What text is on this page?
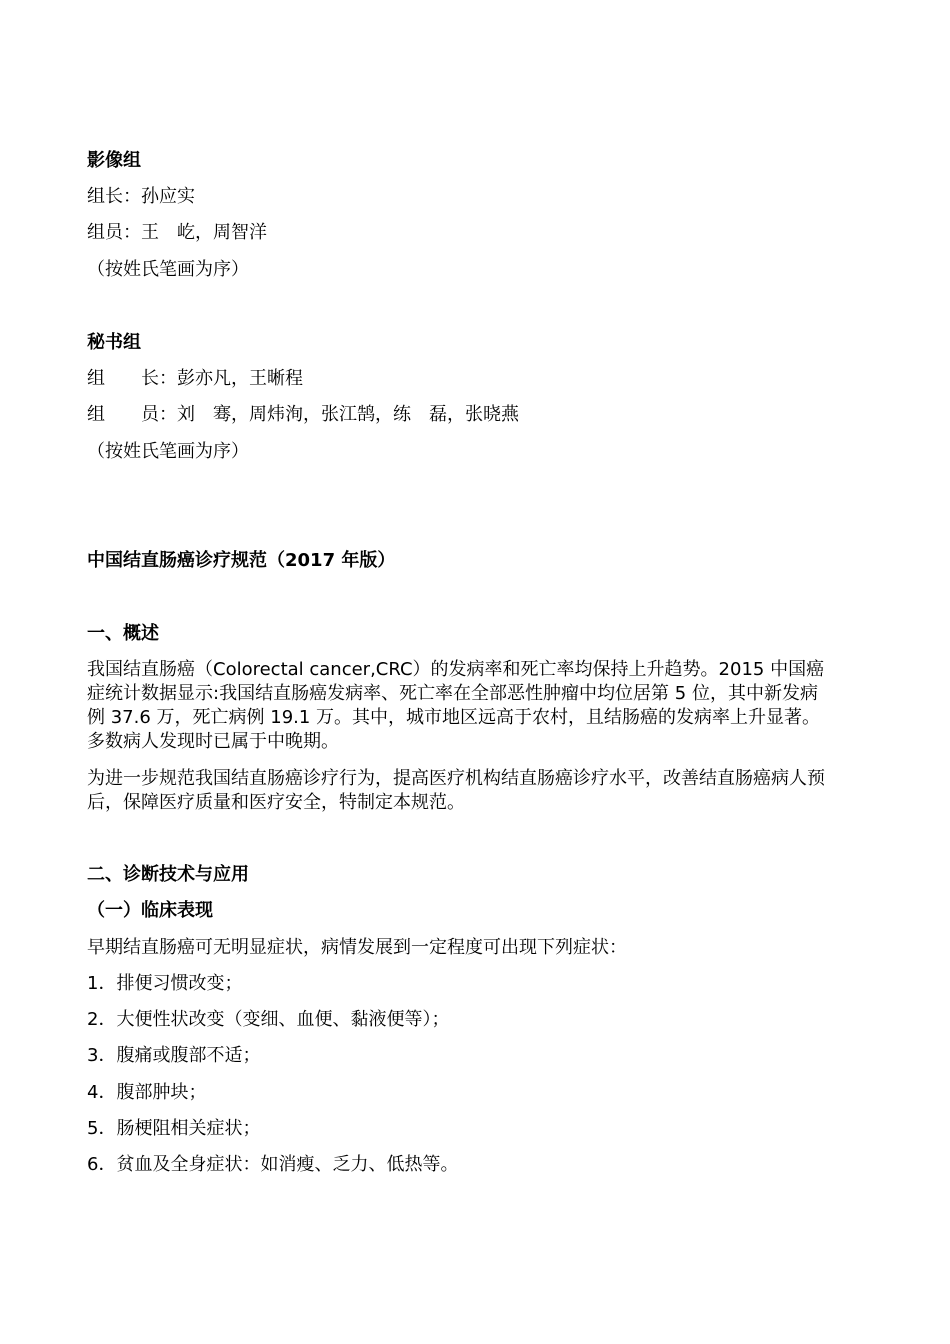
影像组
组长：孙应实
组员：王　屹，周智洋
（按姓氏笔画为序）
秘书组
组　　长：彭亦凡，王晰程
组　　员：刘　骞，周炜洵，张江鹄，练　磊，张晓燕
（按姓氏笔画为序）
中国结直肠癌诊疗规范（2017 年版）
一、概述
我国结直肠癌（Colorectal cancer,CRC）的发病率和死亡率均保持上升趋势。2015 中国癌
症统计数据显示:我国结直肠癌发病率、死亡率在全部恶性肿瘤中均位居第 5 位，其中新发病
例 37.6 万，死亡病例 19.1 万。其中，城市地区远高于农村，且结肠癌的发病率上升显著。
多数病人发现时已属于中晚期。
为进一步规范我国结直肠癌诊疗行为，提高医疗机构结直肠癌诊疗水平，改善结直肠癌病人预
后，保障医疗质量和医疗安全，特制定本规范。
二、诊断技术与应用
（一）临床表现
早期结直肠癌可无明显症状，病情发展到一定程度可出现下列症状：
1．排便习惯改变；
2．大便性状改变（变细、血便、黏液便等）；
3．腹痛或腹部不适；
4．腹部肿块；
5．肠梗阻相关症状；
6．贫血及全身症状：如消瘦、乏力、低热等。
